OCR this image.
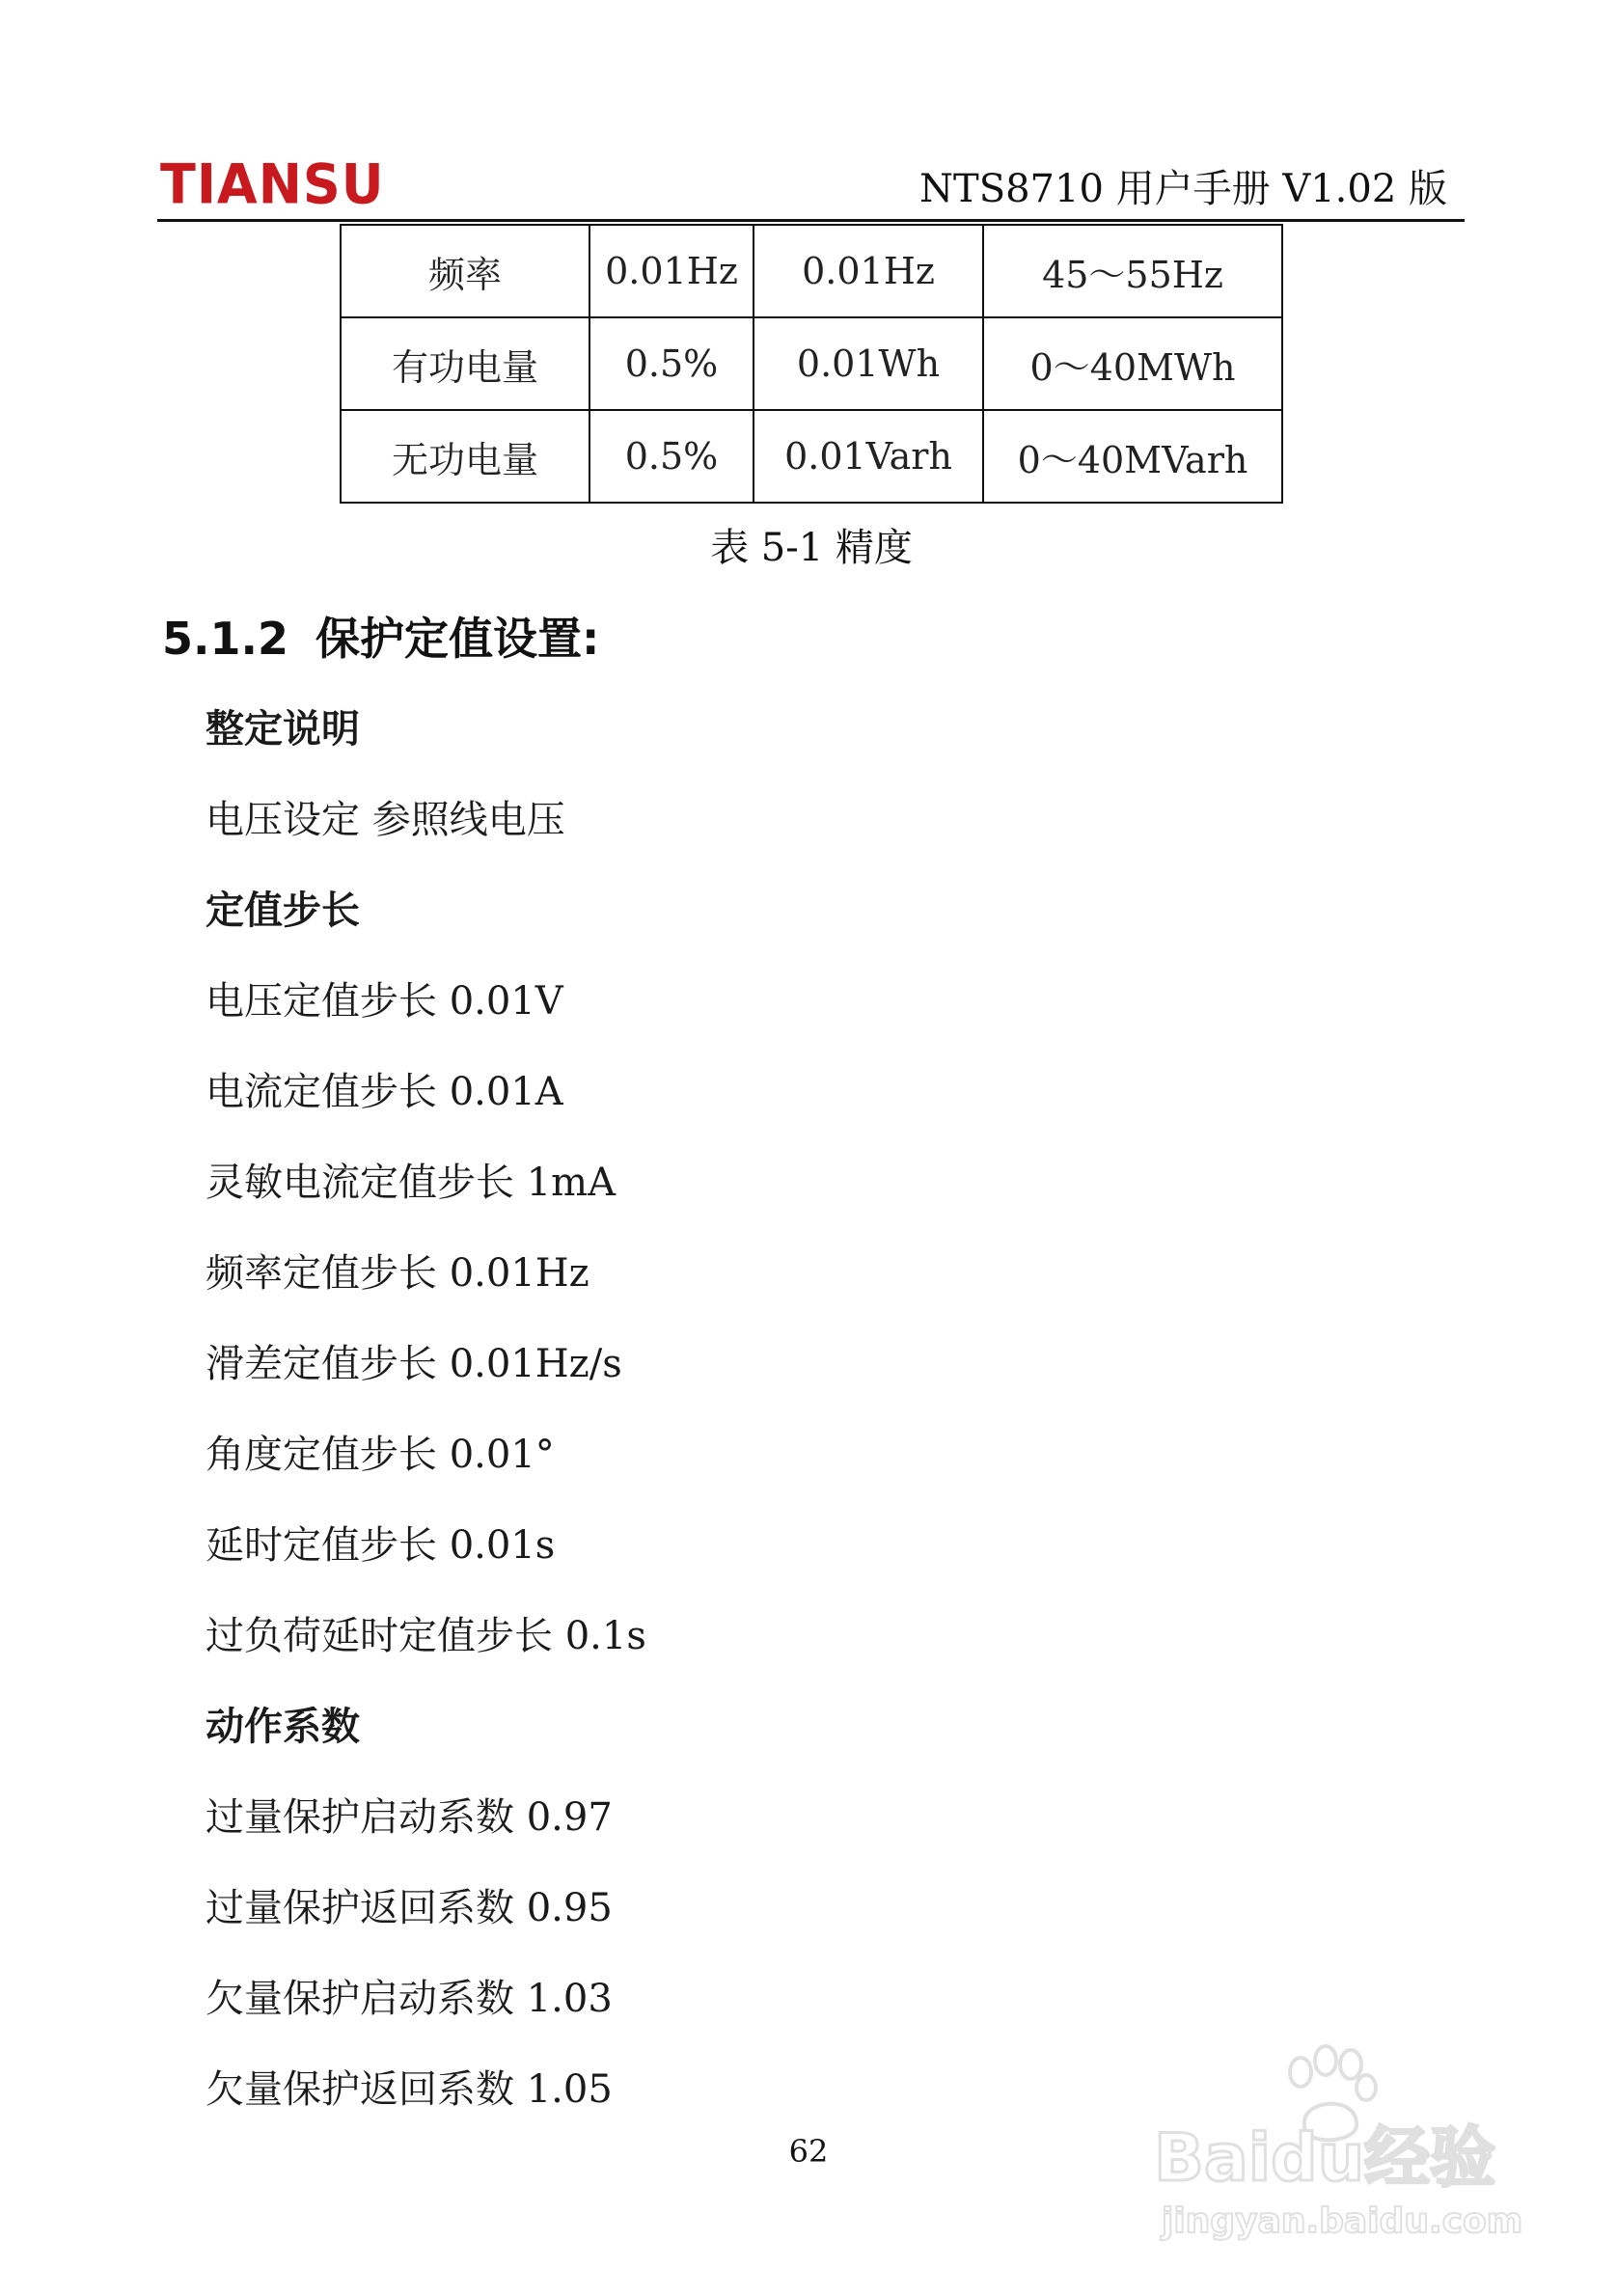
TIANSU	NTS8710 用户手册 V1.02 版
频率	0.01Hz	0.01Hz	45～55Hz
有功电量	0.5%	0.01Wh	0～40MWh
无功电量	0.5%	0.01Varh	0～40MVarh
表 5-1 精度
5.1.2 保护定值设置:
整定说明
电压设定 参照线电压
定值步长
电压定值步长 0.01V
电流定值步长 0.01A
灵敏电流定值步长 1mA
频率定值步长 0.01Hz
滑差定值步长 0.01Hz/s
角度定值步长 0.01°
延时定值步长 0.01s
过负荷延时定值步长 0.1s
动作系数
过量保护启动系数 0.97
过量保护返回系数 0.95
欠量保护启动系数 1.03
欠量保护返回系数 1.05
62	Baidu经验
jingyan.baidu.com
